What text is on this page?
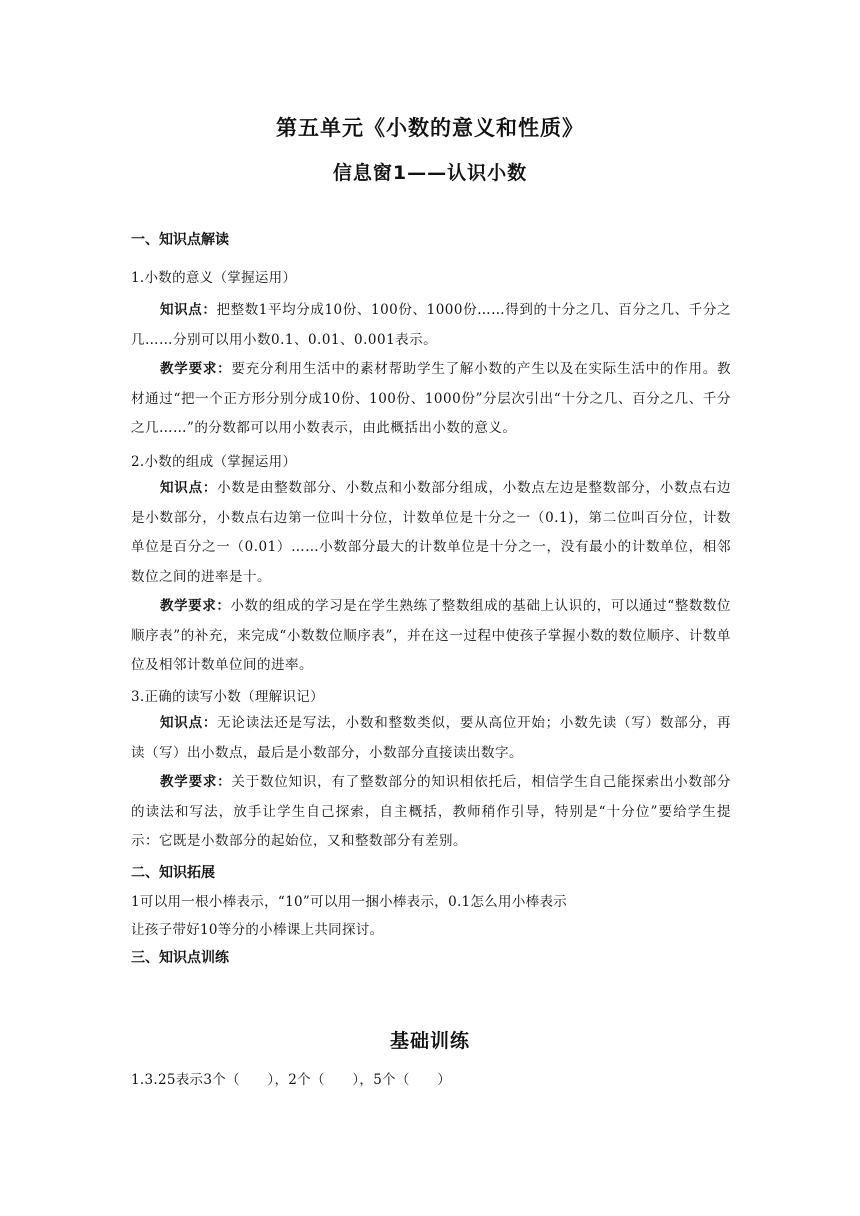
第五单元《小数的意义和性质》
信息窗1——认识小数
一、知识点解读
1.小数的意义（掌握运用）
知识点：把整数1平均分成10份、100份、1000份……得到的十分之几、百分之几、千分之几……分别可以用小数0.1、0.01、0.001表示。
教学要求：要充分利用生活中的素材帮助学生了解小数的产生以及在实际生活中的作用。教材通过“把一个正方形分别分成10份、100份、1000份”分层次引出“十分之几、百分之几、千分之几……”的分数都可以用小数表示，由此概括出小数的意义。
2.小数的组成（掌握运用）
知识点：小数是由整数部分、小数点和小数部分组成，小数点左边是整数部分，小数点右边是小数部分，小数点右边第一位叫十分位，计数单位是十分之一（0.1)，第二位叫百分位，计数单位是百分之一（0.01）……小数部分最大的计数单位是十分之一，没有最小的计数单位，相邻数位之间的进率是十。
教学要求：小数的组成的学习是在学生熟练了整数组成的基础上认识的，可以通过“整数数位顺序表”的补充，来完成“小数数位顺序表”，并在这一过程中使孩子掌握小数的数位顺序、计数单位及相邻计数单位间的进率。
3.正确的读写小数（理解识记）
知识点：无论读法还是写法，小数和整数类似，要从高位开始；小数先读（写）数部分，再读（写）出小数点，最后是小数部分，小数部分直接读出数字。
教学要求：关于数位知识，有了整数部分的知识相依托后，相信学生自己能探索出小数部分的读法和写法，放手让学生自己探索，自主概括，教师稍作引导，特别是“十分位”要给学生提示：它既是小数部分的起始位，又和整数部分有差别。
二、知识拓展
1可以用一根小棒表示，“10”可以用一捆小棒表示，0.1怎么用小棒表示
让孩子带好10等分的小棒课上共同探讨。
三、知识点训练
基础训练
1.3.25表示3个（　　），2个（　　），5个（　　）
